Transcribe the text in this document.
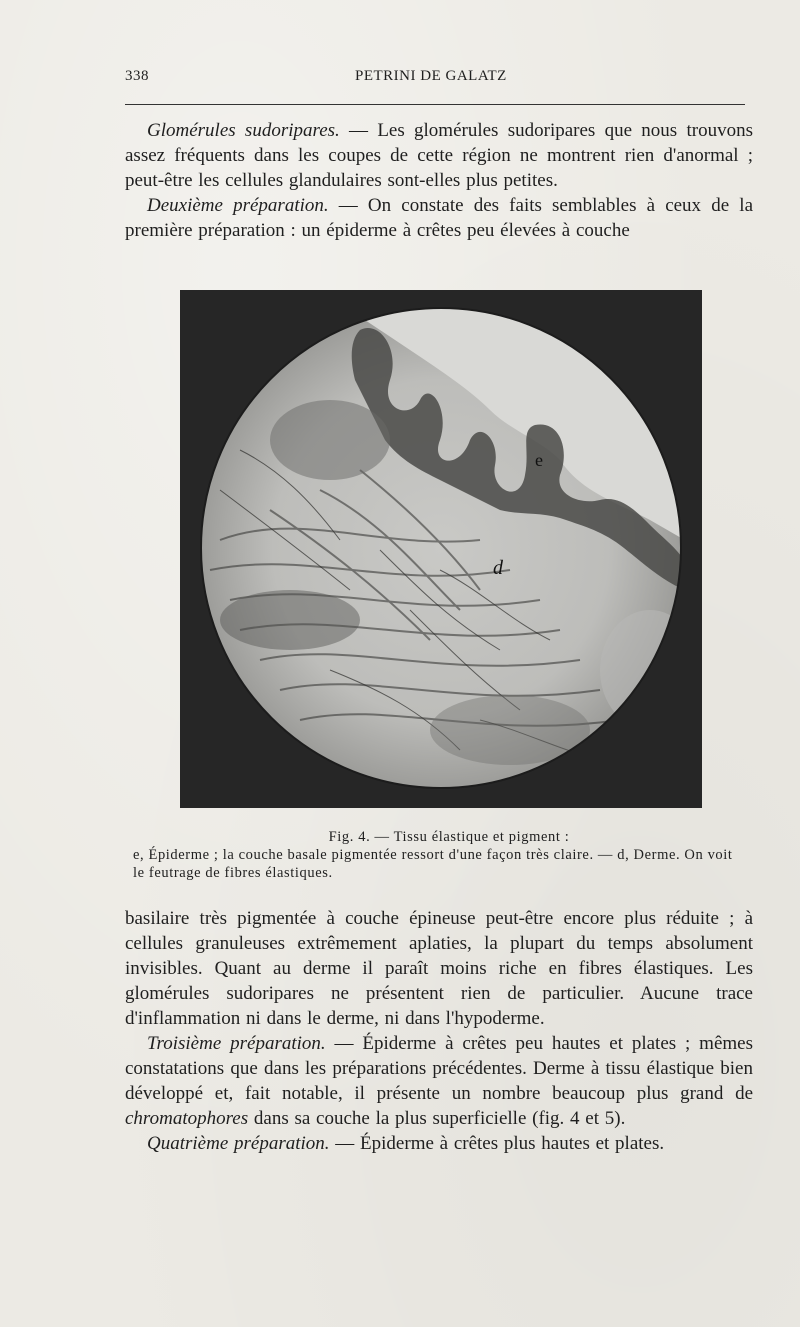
338	PETRINI DE GALATZ

Glomérules sudoripares. — Les glomérules sudoripares que nous trouvons assez fréquents dans les coupes de cette région ne montrent rien d'anormal ; peut-être les cellules glandulaires sont-elles plus petites.

Deuxième préparation. — On constate des faits semblables à ceux de la première préparation : un épiderme à crêtes peu élevées à couche

e
d
Fig. 4. — Tissu élastique et pigment :
e, Épiderme ; la couche basale pigmentée ressort d'une façon très claire. — d, Derme. On voit le feutrage de fibres élastiques.

basilaire très pigmentée à couche épineuse peut-être encore plus réduite ; à cellules granuleuses extrêmement aplaties, la plupart du temps absolument invisibles. Quant au derme il paraît moins riche en fibres élastiques. Les glomérules sudoripares ne présentent rien de particulier. Aucune trace d'inflammation ni dans le derme, ni dans l'hypoderme.

Troisième préparation. — Épiderme à crêtes peu hautes et plates ; mêmes constatations que dans les préparations précédentes. Derme à tissu élastique bien développé et, fait notable, il présente un nombre beaucoup plus grand de chromatophores dans sa couche la plus superficielle (fig. 4 et 5).

Quatrième préparation. — Épiderme à crêtes plus hautes et plates.
